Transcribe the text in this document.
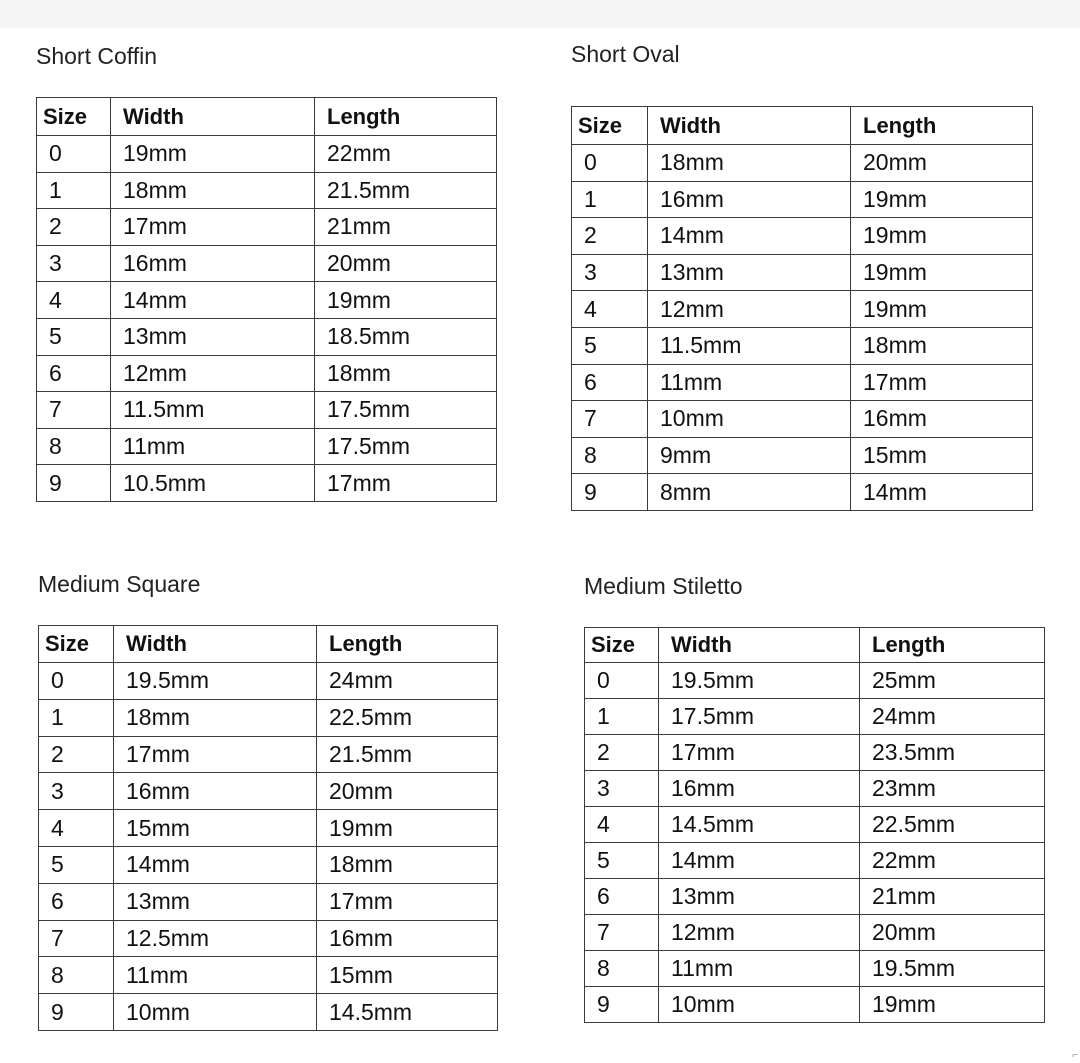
Short Coffin
Size	Width	Length
0	19mm	22mm
1	18mm	21.5mm
2	17mm	21mm
3	16mm	20mm
4	14mm	19mm
5	13mm	18.5mm
6	12mm	18mm
7	11.5mm	17.5mm
8	11mm	17.5mm
9	10.5mm	17mm
Short Oval
Size	Width	Length
0	18mm	20mm
1	16mm	19mm
2	14mm	19mm
3	13mm	19mm
4	12mm	19mm
5	11.5mm	18mm
6	11mm	17mm
7	10mm	16mm
8	9mm	15mm
9	8mm	14mm
Medium Square
Size	Width	Length
0	19.5mm	24mm
1	18mm	22.5mm
2	17mm	21.5mm
3	16mm	20mm
4	15mm	19mm
5	14mm	18mm
6	13mm	17mm
7	12.5mm	16mm
8	11mm	15mm
9	10mm	14.5mm
Medium Stiletto
Size	Width	Length
0	19.5mm	25mm
1	17.5mm	24mm
2	17mm	23.5mm
3	16mm	23mm
4	14.5mm	22.5mm
5	14mm	22mm
6	13mm	21mm
7	12mm	20mm
8	11mm	19.5mm
9	10mm	19mm
⌐
